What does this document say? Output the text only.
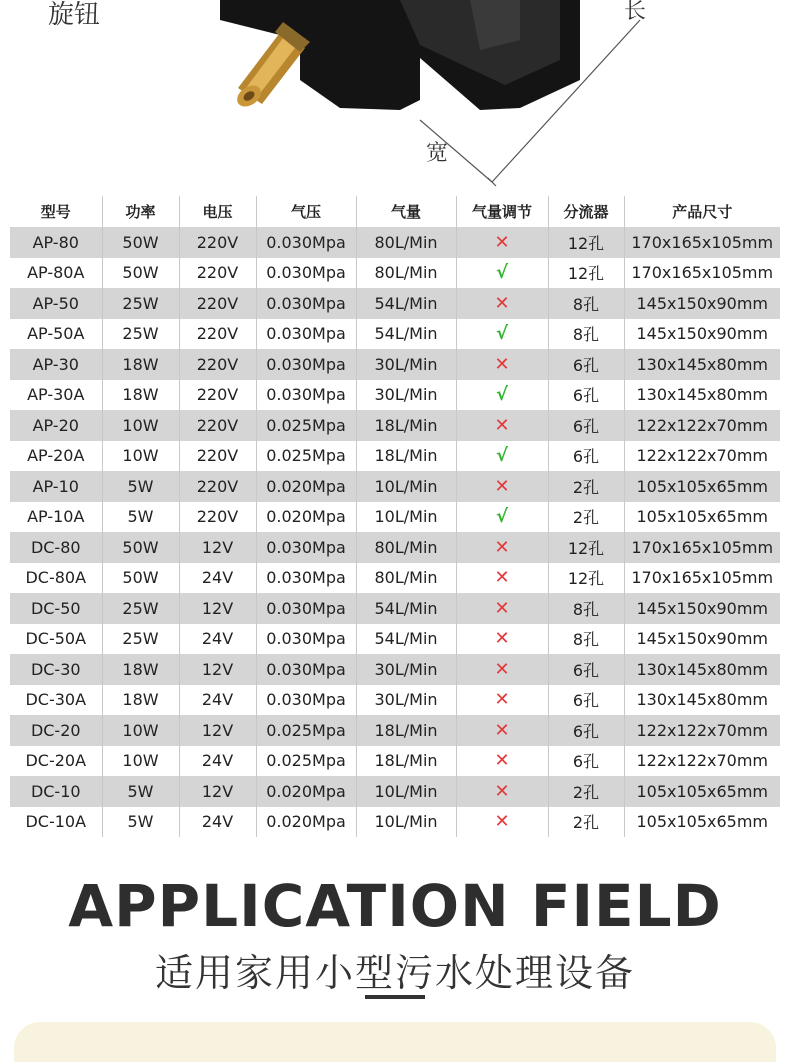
旋钮	长
宽
型号	功率	电压	气压	气量	气量调节	分流器	产品尺寸
AP-80	50W	220V	0.030Mpa	80L/Min	✕	12孔	170x165x105mm
AP-80A	50W	220V	0.030Mpa	80L/Min	√	12孔	170x165x105mm
AP-50	25W	220V	0.030Mpa	54L/Min	✕	8孔	145x150x90mm
AP-50A	25W	220V	0.030Mpa	54L/Min	√	8孔	145x150x90mm
AP-30	18W	220V	0.030Mpa	30L/Min	✕	6孔	130x145x80mm
AP-30A	18W	220V	0.030Mpa	30L/Min	√	6孔	130x145x80mm
AP-20	10W	220V	0.025Mpa	18L/Min	✕	6孔	122x122x70mm
AP-20A	10W	220V	0.025Mpa	18L/Min	√	6孔	122x122x70mm
AP-10	5W	220V	0.020Mpa	10L/Min	✕	2孔	105x105x65mm
AP-10A	5W	220V	0.020Mpa	10L/Min	√	2孔	105x105x65mm
DC-80	50W	12V	0.030Mpa	80L/Min	✕	12孔	170x165x105mm
DC-80A	50W	24V	0.030Mpa	80L/Min	✕	12孔	170x165x105mm
DC-50	25W	12V	0.030Mpa	54L/Min	✕	8孔	145x150x90mm
DC-50A	25W	24V	0.030Mpa	54L/Min	✕	8孔	145x150x90mm
DC-30	18W	12V	0.030Mpa	30L/Min	✕	6孔	130x145x80mm
DC-30A	18W	24V	0.030Mpa	30L/Min	✕	6孔	130x145x80mm
DC-20	10W	12V	0.025Mpa	18L/Min	✕	6孔	122x122x70mm
DC-20A	10W	24V	0.025Mpa	18L/Min	✕	6孔	122x122x70mm
DC-10	5W	12V	0.020Mpa	10L/Min	✕	2孔	105x105x65mm
DC-10A	5W	24V	0.020Mpa	10L/Min	✕	2孔	105x105x65mm
APPLICATION FIELD
适用家用小型污水处理设备
